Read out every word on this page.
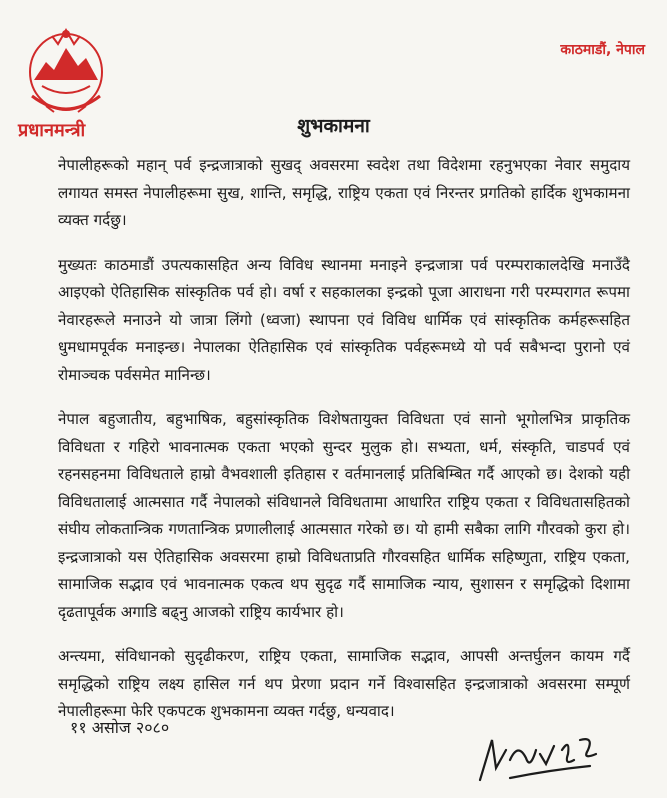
प्रधानमन्त्री
काठमाडौं, नेपाल
शुभकामना

नेपालीहरूको महान् पर्व इन्द्रजात्राको सुखद् अवसरमा स्वदेश तथा विदेशमा रहनुभएका नेवार समुदाय लगायत समस्त नेपालीहरूमा सुख, शान्ति, समृद्धि, राष्ट्रिय एकता एवं निरन्तर प्रगतिको हार्दिक शुभकामना व्यक्त गर्दछु।

मुख्यतः काठमाडौं उपत्यकासहित अन्य विविध स्थानमा मनाइने इन्द्रजात्रा पर्व परम्पराकालदेखि मनाउँदै आइएको ऐतिहासिक सांस्कृतिक पर्व हो। वर्षा र सहकालका इन्द्रको पूजा आराधना गरी परम्परागत रूपमा नेवारहरूले मनाउने यो जात्रा लिंगो (ध्वजा) स्थापना एवं विविध धार्मिक एवं सांस्कृतिक कर्महरूसहित धुमधामपूर्वक मनाइन्छ। नेपालका ऐतिहासिक एवं सांस्कृतिक पर्वहरूमध्ये यो पर्व सबैभन्दा पुरानो एवं रोमाञ्चक पर्वसमेत मानिन्छ।

नेपाल बहुजातीय, बहुभाषिक, बहुसांस्कृतिक विशेषतायुक्त विविधता एवं सानो भूगोलभित्र प्राकृतिक विविधता र गहिरो भावनात्मक एकता भएको सुन्दर मुलुक हो। सभ्यता, धर्म, संस्कृति, चाडपर्व एवं रहनसहनमा विविधताले हाम्रो वैभवशाली इतिहास र वर्तमानलाई प्रतिबिम्बित गर्दै आएको छ। देशको यही विविधतालाई आत्मसात गर्दै नेपालको संविधानले विविधतामा आधारित राष्ट्रिय एकता र विविधतासहितको संघीय लोकतान्त्रिक गणतान्त्रिक प्रणालीलाई आत्मसात गरेको छ। यो हामी सबैका लागि गौरवको कुरा हो। इन्द्रजात्राको यस ऐतिहासिक अवसरमा हाम्रो विविधताप्रति गौरवसहित धार्मिक सहिष्णुता, राष्ट्रिय एकता, सामाजिक सद्भाव एवं भावनात्मक एकत्व थप सुदृढ गर्दै सामाजिक न्याय, सुशासन र समृद्धिको दिशामा दृढतापूर्वक अगाडि बढ्नु आजको राष्ट्रिय कार्यभार हो।

अन्त्यमा, संविधानको सुदृढीकरण, राष्ट्रिय एकता, सामाजिक सद्भाव, आपसी अन्तर्घुलन कायम गर्दै समृद्धिको राष्ट्रिय लक्ष्य हासिल गर्न थप प्रेरणा प्रदान गर्ने विश्वासहित इन्द्रजात्राको अवसरमा सम्पूर्ण नेपालीहरूमा फेरि एकपटक शुभकामना व्यक्त गर्दछु, धन्यवाद।

११ असोज २०८०
